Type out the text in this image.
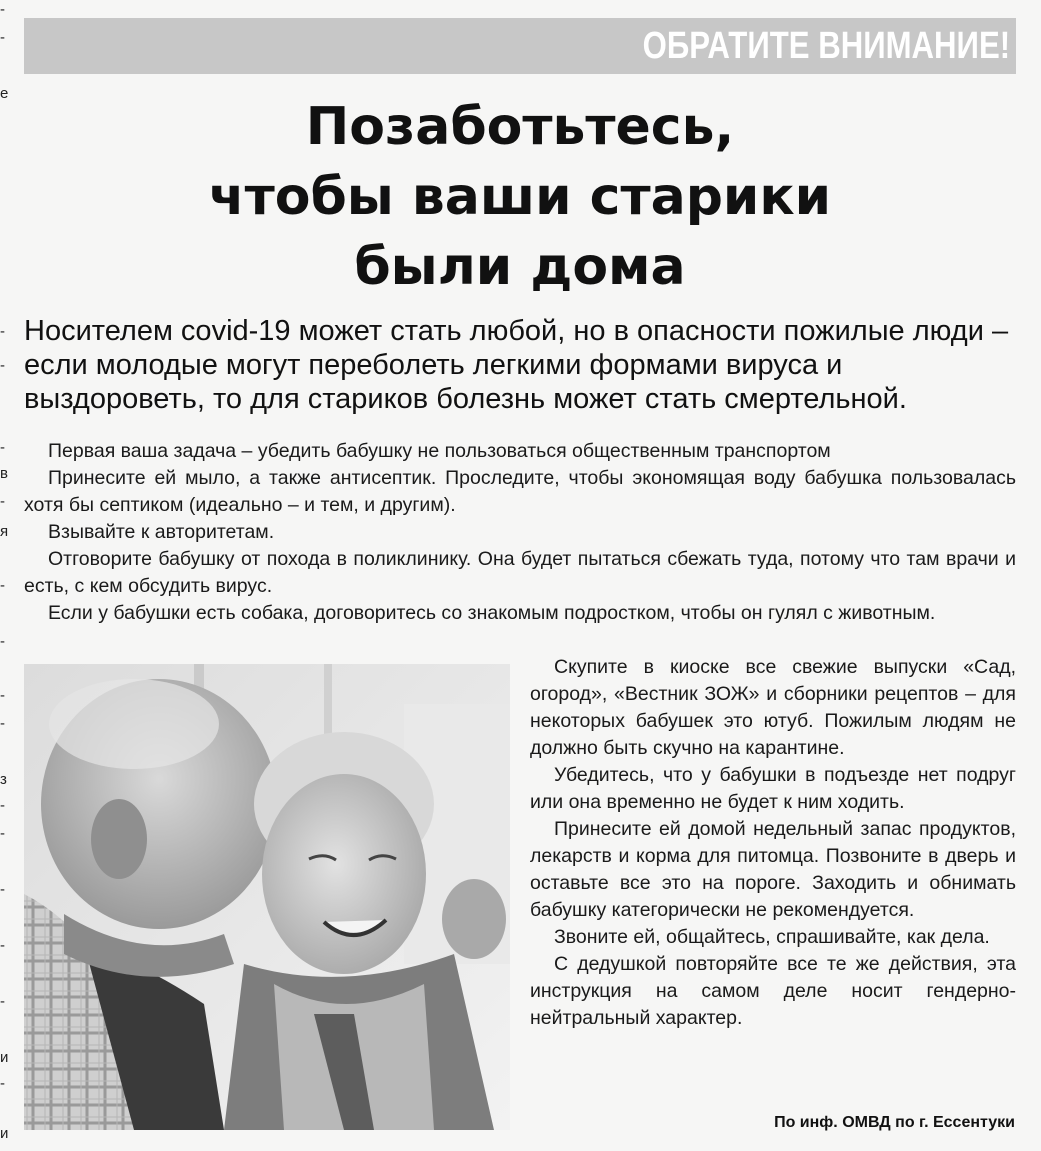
-
-
е
-
-
-
в
-
я
-
-
-
-
з
-
-
-
-
-
и
-
и
ОБРАТИТЕ ВНИМАНИЕ!
Позаботьтесь,
чтобы ваши старики
были дома
Носителем covid-19 может стать любой, но в опасности пожилые люди – если молодые могут переболеть легкими формами вируса и выздороветь, то для стариков болезнь может стать смертельной.

Первая ваша задача – убедить бабушку не пользоваться общественным транспортом

Принесите ей мыло, а также антисептик. Проследите, чтобы экономящая воду бабушка пользовалась хотя бы септиком (идеально – и тем, и другим).

Взывайте к авторитетам.

Отговорите бабушку от похода в поликлинику. Она будет пытаться сбежать туда, потому что там врачи и есть, с кем обсудить вирус.

Если у бабушки есть собака, договоритесь со знакомым подростком, чтобы он гулял с животным.

Скупите в киоске все свежие выпуски «Сад, огород», «Вестник ЗОЖ» и сборники рецептов – для некоторых бабушек это ютуб. Пожилым людям не должно быть скучно на карантине.

Убедитесь, что у бабушки в подъезде нет подруг или она временно не будет к ним ходить.

Принесите ей домой недельный запас продуктов, лекарств и корма для питомца. Позвоните в дверь и оставьте все это на пороге. Заходить и обнимать бабушку категорически не рекомендуется.

Звоните ей, общайтесь, спрашивайте, как дела.

С дедушкой повторяйте все те же действия, эта инструкция на самом деле носит гендерно-нейтральный характер.

По инф. ОМВД по г. Ессентуки
